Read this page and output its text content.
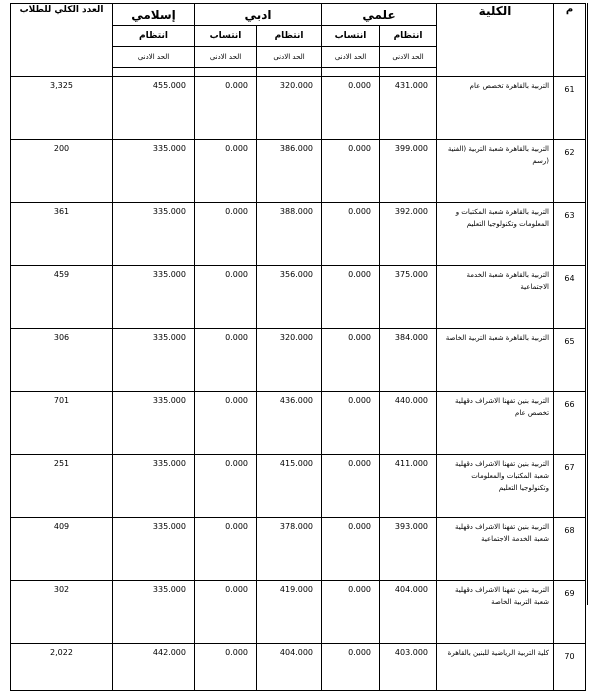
العدد الكلي للطلاب	إسلامي	ادبي		علمي		الكلية	م
	انتظام	انتساب	انتظام	انتساب	انتظام		
	الحد الادنى	الحد الادنى	الحد الادنى	الحد الادنى	الحد الادنى		

3,325	455.000	0.000	320.000	0.000	431.000	التربية بالقاهرة تخصص عام	61
200	335.000	0.000	386.000	0.000	399.000	التربية بالقاهرة شعبة التربية (الفنية (رسم	62
361	335.000	0.000	388.000	0.000	392.000	التربية بالقاهرة شعبة المكتبات و المعلومات وتكنولوجيا التعليم	63
459	335.000	0.000	356.000	0.000	375.000	التربية بالقاهرة شعبة الخدمة الاجتماعية	64
306	335.000	0.000	320.000	0.000	384.000	التربية بالقاهرة شعبة التربية الخاصة	65
701	335.000	0.000	436.000	0.000	440.000	التربية بنين تفهنا الاشراف دقهلية تخصص عام	66
251	335.000	0.000	415.000	0.000	411.000	التربية بنين تفهنا الاشراف دقهلية شعبة المكتبات والمعلومات وتكنولوجيا التعليم	67
409	335.000	0.000	378.000	0.000	393.000	التربية بنين تفهنا الاشراف دقهلية شعبة الخدمة الاجتماعية	68
302	335.000	0.000	419.000	0.000	404.000	التربية بنين تفهنا الاشراف دقهلية شعبة التربية الخاصة	69
2,022	442.000	0.000	404.000	0.000	403.000	كلية التربية الرياضية للبنين بالقاهرة	70
